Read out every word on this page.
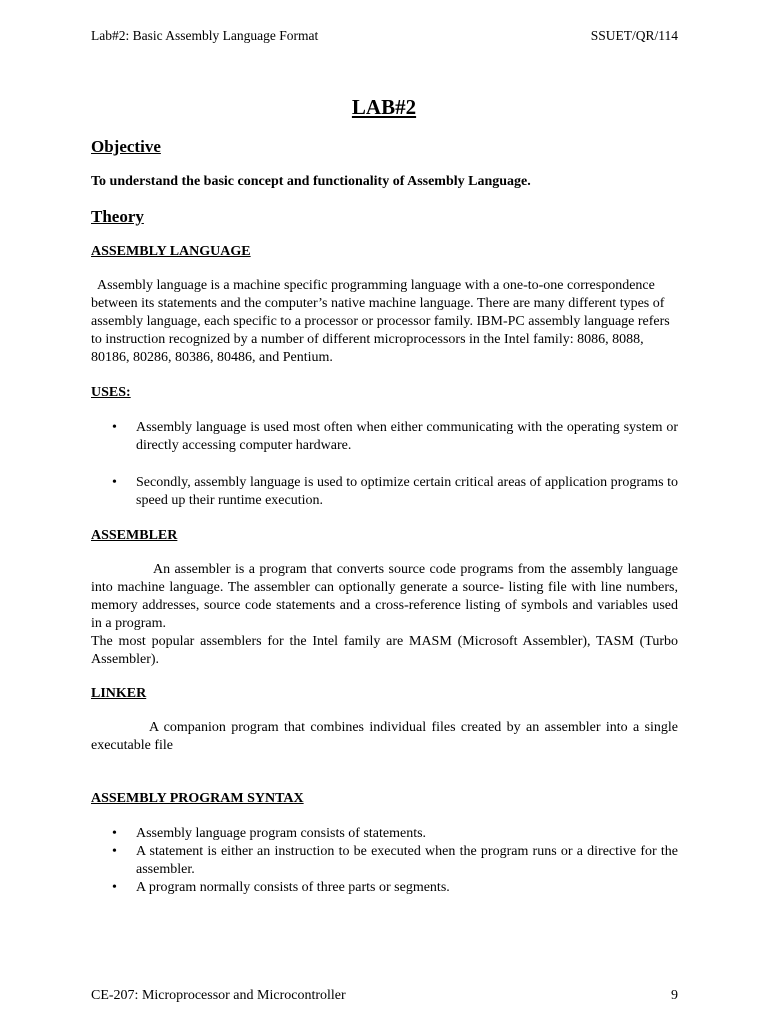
Lab#2: Basic Assembly Language Format	SSUET/QR/114
LAB#2
Objective
To understand the basic concept and functionality of Assembly Language.
Theory
ASSEMBLY LANGUAGE

Assembly language is a machine specific programming language with a one-to-one correspondence between its statements and the computer’s native machine language. There are many different types of assembly language, each specific to a processor or processor family. IBM-PC assembly language refers to instruction recognized by a number of different microprocessors in the Intel family: 8086, 8088, 80186, 80286, 80386, 80486, and Pentium.

USES:
• Assembly language is used most often when either communicating with the operating system or directly accessing computer hardware.
• Secondly, assembly language is used to optimize certain critical areas of application programs to speed up their runtime execution.
ASSEMBLER

An assembler is a program that converts source code programs from the assembly language into machine language. The assembler can optionally generate a source- listing file with line numbers, memory addresses, source code statements and a cross-reference listing of symbols and variables used in a program.

The most popular assemblers for the Intel family are MASM (Microsoft Assembler), TASM (Turbo Assembler).

LINKER

A companion program that combines individual files created by an assembler into a single executable file

ASSEMBLY PROGRAM SYNTAX
• Assembly language program consists of statements.
• A statement is either an instruction to be executed when the program runs or a directive for the assembler.
• A program normally consists of three parts or segments.
CE-207: Microprocessor and Microcontroller	9
